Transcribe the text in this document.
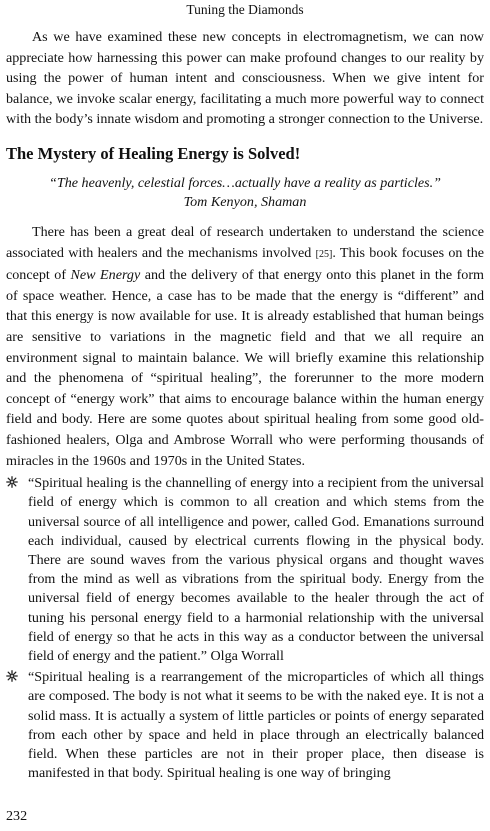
Tuning the Diamonds

As we have examined these new concepts in electromagnetism, we can now appreciate how harnessing this power can make profound changes to our reality by using the power of human intent and consciousness. When we give intent for balance, we invoke scalar energy, facilitating a much more powerful way to connect with the body’s innate wisdom and promoting a stronger connection to the Universe.

The Mystery of Healing Energy is Solved!
“The heavenly, celestial forces…actually have a reality as particles.”
Tom Kenyon, Shaman

There has been a great deal of research undertaken to understand the science associated with healers and the mechanisms involved [25]. This book focuses on the concept of New Energy and the delivery of that energy onto this planet in the form of space weather. Hence, a case has to be made that the energy is “different” and that this energy is now available for use. It is already established that human beings are sensitive to variations in the magnetic field and that we all require an environment signal to maintain balance. We will briefly examine this relationship and the phenomena of “spiritual healing”, the forerunner to the more modern concept of “energy work” that aims to encourage balance within the human energy field and body. Here are some quotes about spiritual healing from some good old-fashioned healers, Olga and Ambrose Worrall who were performing thousands of miracles in the 1960s and 1970s in the United States.

“Spiritual healing is the channelling of energy into a recipient from the universal field of energy which is common to all creation and which stems from the universal source of all intelligence and power, called God. Emanations surround each individual, caused by electrical currents flowing in the physical body. There are sound waves from the various physical organs and thought waves from the mind as well as vibrations from the spiritual body. Energy from the universal field of energy becomes available to the healer through the act of tuning his personal energy field to a harmonial relationship with the universal field of energy so that he acts in this way as a conductor between the universal field of energy and the patient.” Olga Worrall

“Spiritual healing is a rearrangement of the microparticles of which all things are composed. The body is not what it seems to be with the naked eye. It is not a solid mass. It is actually a system of little particles or points of energy separated from each other by space and held in place through an electrically balanced field. When these particles are not in their proper place, then disease is manifested in that body. Spiritual healing is one way of bringing

232
